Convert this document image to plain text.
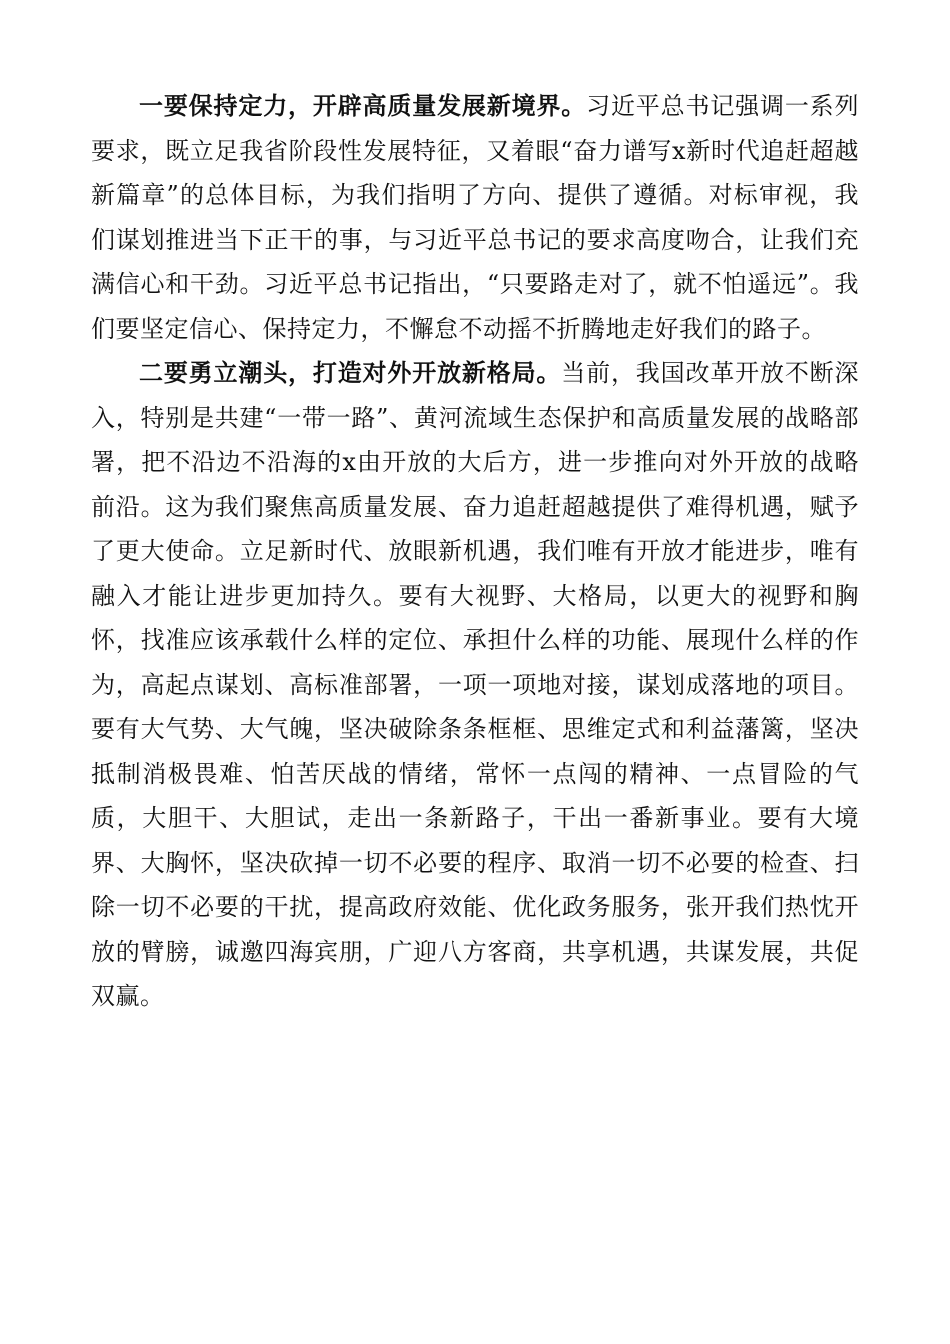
一要保持定力，开辟高质量发展新境界。习近平总书记强调一系列要求，既立足我省阶段性发展特征，又着眼“奋力谱写x新时代追赶超越新篇章”的总体目标，为我们指明了方向、提供了遵循。对标审视，我们谋划推进当下正干的事，与习近平总书记的要求高度吻合，让我们充满信心和干劲。习近平总书记指出，“只要路走对了，就不怕遥远”。我们要坚定信心、保持定力，不懈怠不动摇不折腾地走好我们的路子。

二要勇立潮头，打造对外开放新格局。当前，我国改革开放不断深入，特别是共建“一带一路”、黄河流域生态保护和高质量发展的战略部署，把不沿边不沿海的x由开放的大后方，进一步推向对外开放的战略前沿。这为我们聚焦高质量发展、奋力追赶超越提供了难得机遇，赋予了更大使命。立足新时代、放眼新机遇，我们唯有开放才能进步，唯有融入才能让进步更加持久。要有大视野、大格局，以更大的视野和胸怀，找准应该承载什么样的定位、承担什么样的功能、展现什么样的作为，高起点谋划、高标准部署，一项一项地对接，谋划成落地的项目。要有大气势、大气魄，坚决破除条条框框、思维定式和利益藩篱，坚决抵制消极畏难、怕苦厌战的情绪，常怀一点闯的精神、一点冒险的气质，大胆干、大胆试，走出一条新路子，干出一番新事业。要有大境界、大胸怀，坚决砍掉一切不必要的程序、取消一切不必要的检查、扫除一切不必要的干扰，提高政府效能、优化政务服务，张开我们热忱开放的臂膀，诚邀四海宾朋，广迎八方客商，共享机遇，共谋发展，共促双赢。
